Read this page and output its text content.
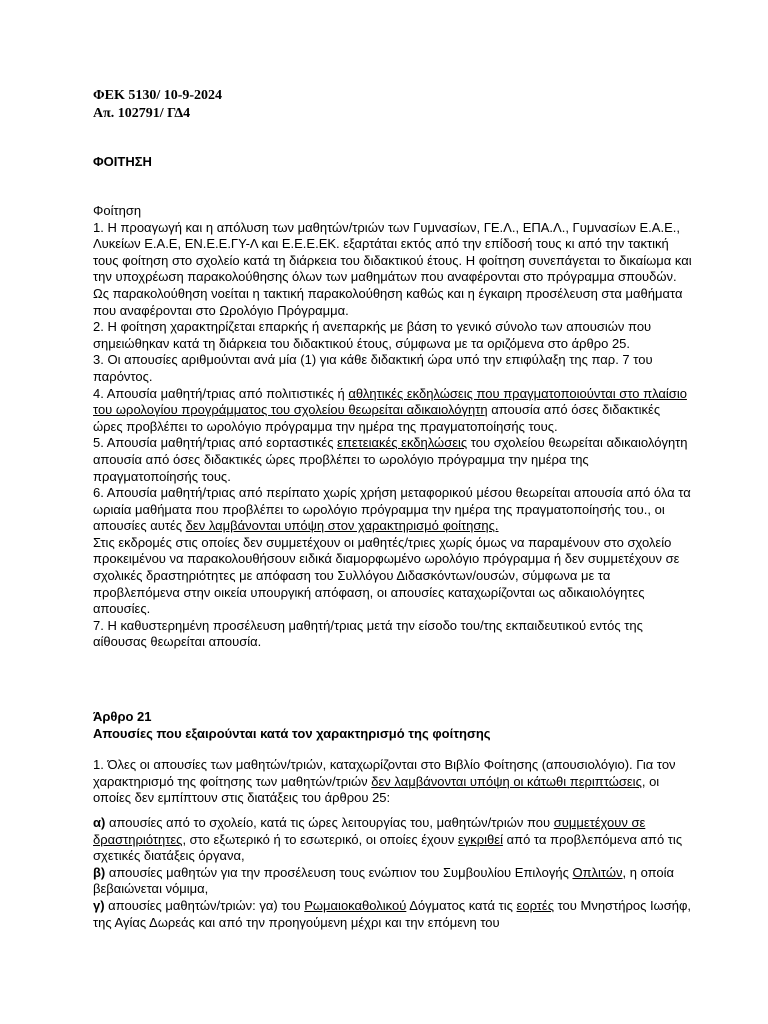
ΦΕΚ 5130/ 10-9-2024
Απ. 102791/ ΓΔ4
ΦΟΙΤΗΣΗ

Φοίτηση

1. Η προαγωγή και η απόλυση των μαθητών/τριών των Γυμνασίων, ΓΕ.Λ., ΕΠΑ.Λ., Γυμνασίων Ε.Α.Ε., Λυκείων Ε.Α.Ε, ΕΝ.Ε.Ε.ΓΥ-Λ και Ε.Ε.Ε.ΕΚ. εξαρτάται εκτός από την επίδοσή τους κι από την τακτική τους φοίτηση στο σχολείο κατά τη διάρκεια του διδακτικού έτους. Η φοίτηση συνεπάγεται το δικαίωμα και την υποχρέωση παρακολούθησης όλων των μαθημάτων που αναφέρονται στο πρόγραμμα σπουδών. Ως παρακολούθηση νοείται η τακτική παρακολούθηση καθώς και η έγκαιρη προσέλευση στα μαθήματα που αναφέρονται στο Ωρολόγιο Πρόγραμμα.

2. Η φοίτηση χαρακτηρίζεται επαρκής ή ανεπαρκής με βάση το γενικό σύνολο των απουσιών που σημειώθηκαν κατά τη διάρκεια του διδακτικού έτους, σύμφωνα με τα οριζόμενα στο άρθρο 25.

3. Οι απουσίες αριθμούνται ανά μία (1) για κάθε διδακτική ώρα υπό την επιφύλαξη της παρ. 7 του παρόντος.

4. Απουσία μαθητή/τριας από πολιτιστικές ή αθλητικές εκδηλώσεις που πραγματοποιούνται στο πλαίσιο του ωρολογίου προγράμματος του σχολείου θεωρείται αδικαιολόγητη απουσία από όσες διδακτικές ώρες προβλέπει το ωρολόγιο πρόγραμμα την ημέρα της πραγματοποίησής τους.

5. Απουσία μαθητή/τριας από εορταστικές επετειακές εκδηλώσεις του σχολείου θεωρείται αδικαιολόγητη απουσία από όσες διδακτικές ώρες προβλέπει το ωρολόγιο πρόγραμμα την ημέρα της πραγματοποίησής τους.

6. Απουσία μαθητή/τριας από περίπατο χωρίς χρήση μεταφορικού μέσου θεωρείται απουσία από όλα τα ωριαία μαθήματα που προβλέπει το ωρολόγιο πρόγραμμα την ημέρα της πραγματοποίησής του., οι απουσίες αυτές δεν λαμβάνονται υπόψη στον χαρακτηρισμό φοίτησης.

Στις εκδρομές στις οποίες δεν συμμετέχουν οι μαθητές/τριες χωρίς όμως να παραμένουν στο σχολείο προκειμένου να παρακολουθήσουν ειδικά διαμορφωμένο ωρολόγιο πρόγραμμα ή δεν συμμετέχουν σε σχολικές δραστηριότητες με απόφαση του Συλλόγου Διδασκόντων/ουσών, σύμφωνα με τα προβλεπόμενα στην οικεία υπουργική απόφαση, οι απουσίες καταχωρίζονται ως αδικαιολόγητες απουσίες.

7. Η καθυστερημένη προσέλευση μαθητή/τριας μετά την είσοδο του/της εκπαιδευτικού εντός της αίθουσας θεωρείται απουσία.

Άρθρο 21
Απουσίες που εξαιρούνται κατά τον χαρακτηρισμό της φοίτησης

1. Όλες οι απουσίες των μαθητών/τριών, καταχωρίζονται στο Βιβλίο Φοίτησης (απουσιολόγιο). Για τον χαρακτηρισμό της φοίτησης των μαθητών/τριών δεν λαμβάνονται υπόψη οι κάτωθι περιπτώσεις, οι οποίες δεν εμπίπτουν στις διατάξεις του άρθρου 25:

α) απουσίες από το σχολείο, κατά τις ώρες λειτουργίας του, μαθητών/τριών που συμμετέχουν σε δραστηριότητες, στο εξωτερικό ή το εσωτερικό, οι οποίες έχουν εγκριθεί από τα προβλεπόμενα από τις σχετικές διατάξεις όργανα,

β) απουσίες μαθητών για την προσέλευση τους ενώπιον του Συμβουλίου Επιλογής Οπλιτών, η οποία βεβαιώνεται νόμιμα,

γ) απουσίες μαθητών/τριών: γα) του Ρωμαιοκαθολικού Δόγματος κατά τις εορτές του Μνηστήρος Ιωσήφ, της Αγίας Δωρεάς και από την προηγούμενη μέχρι και την επόμενη του
